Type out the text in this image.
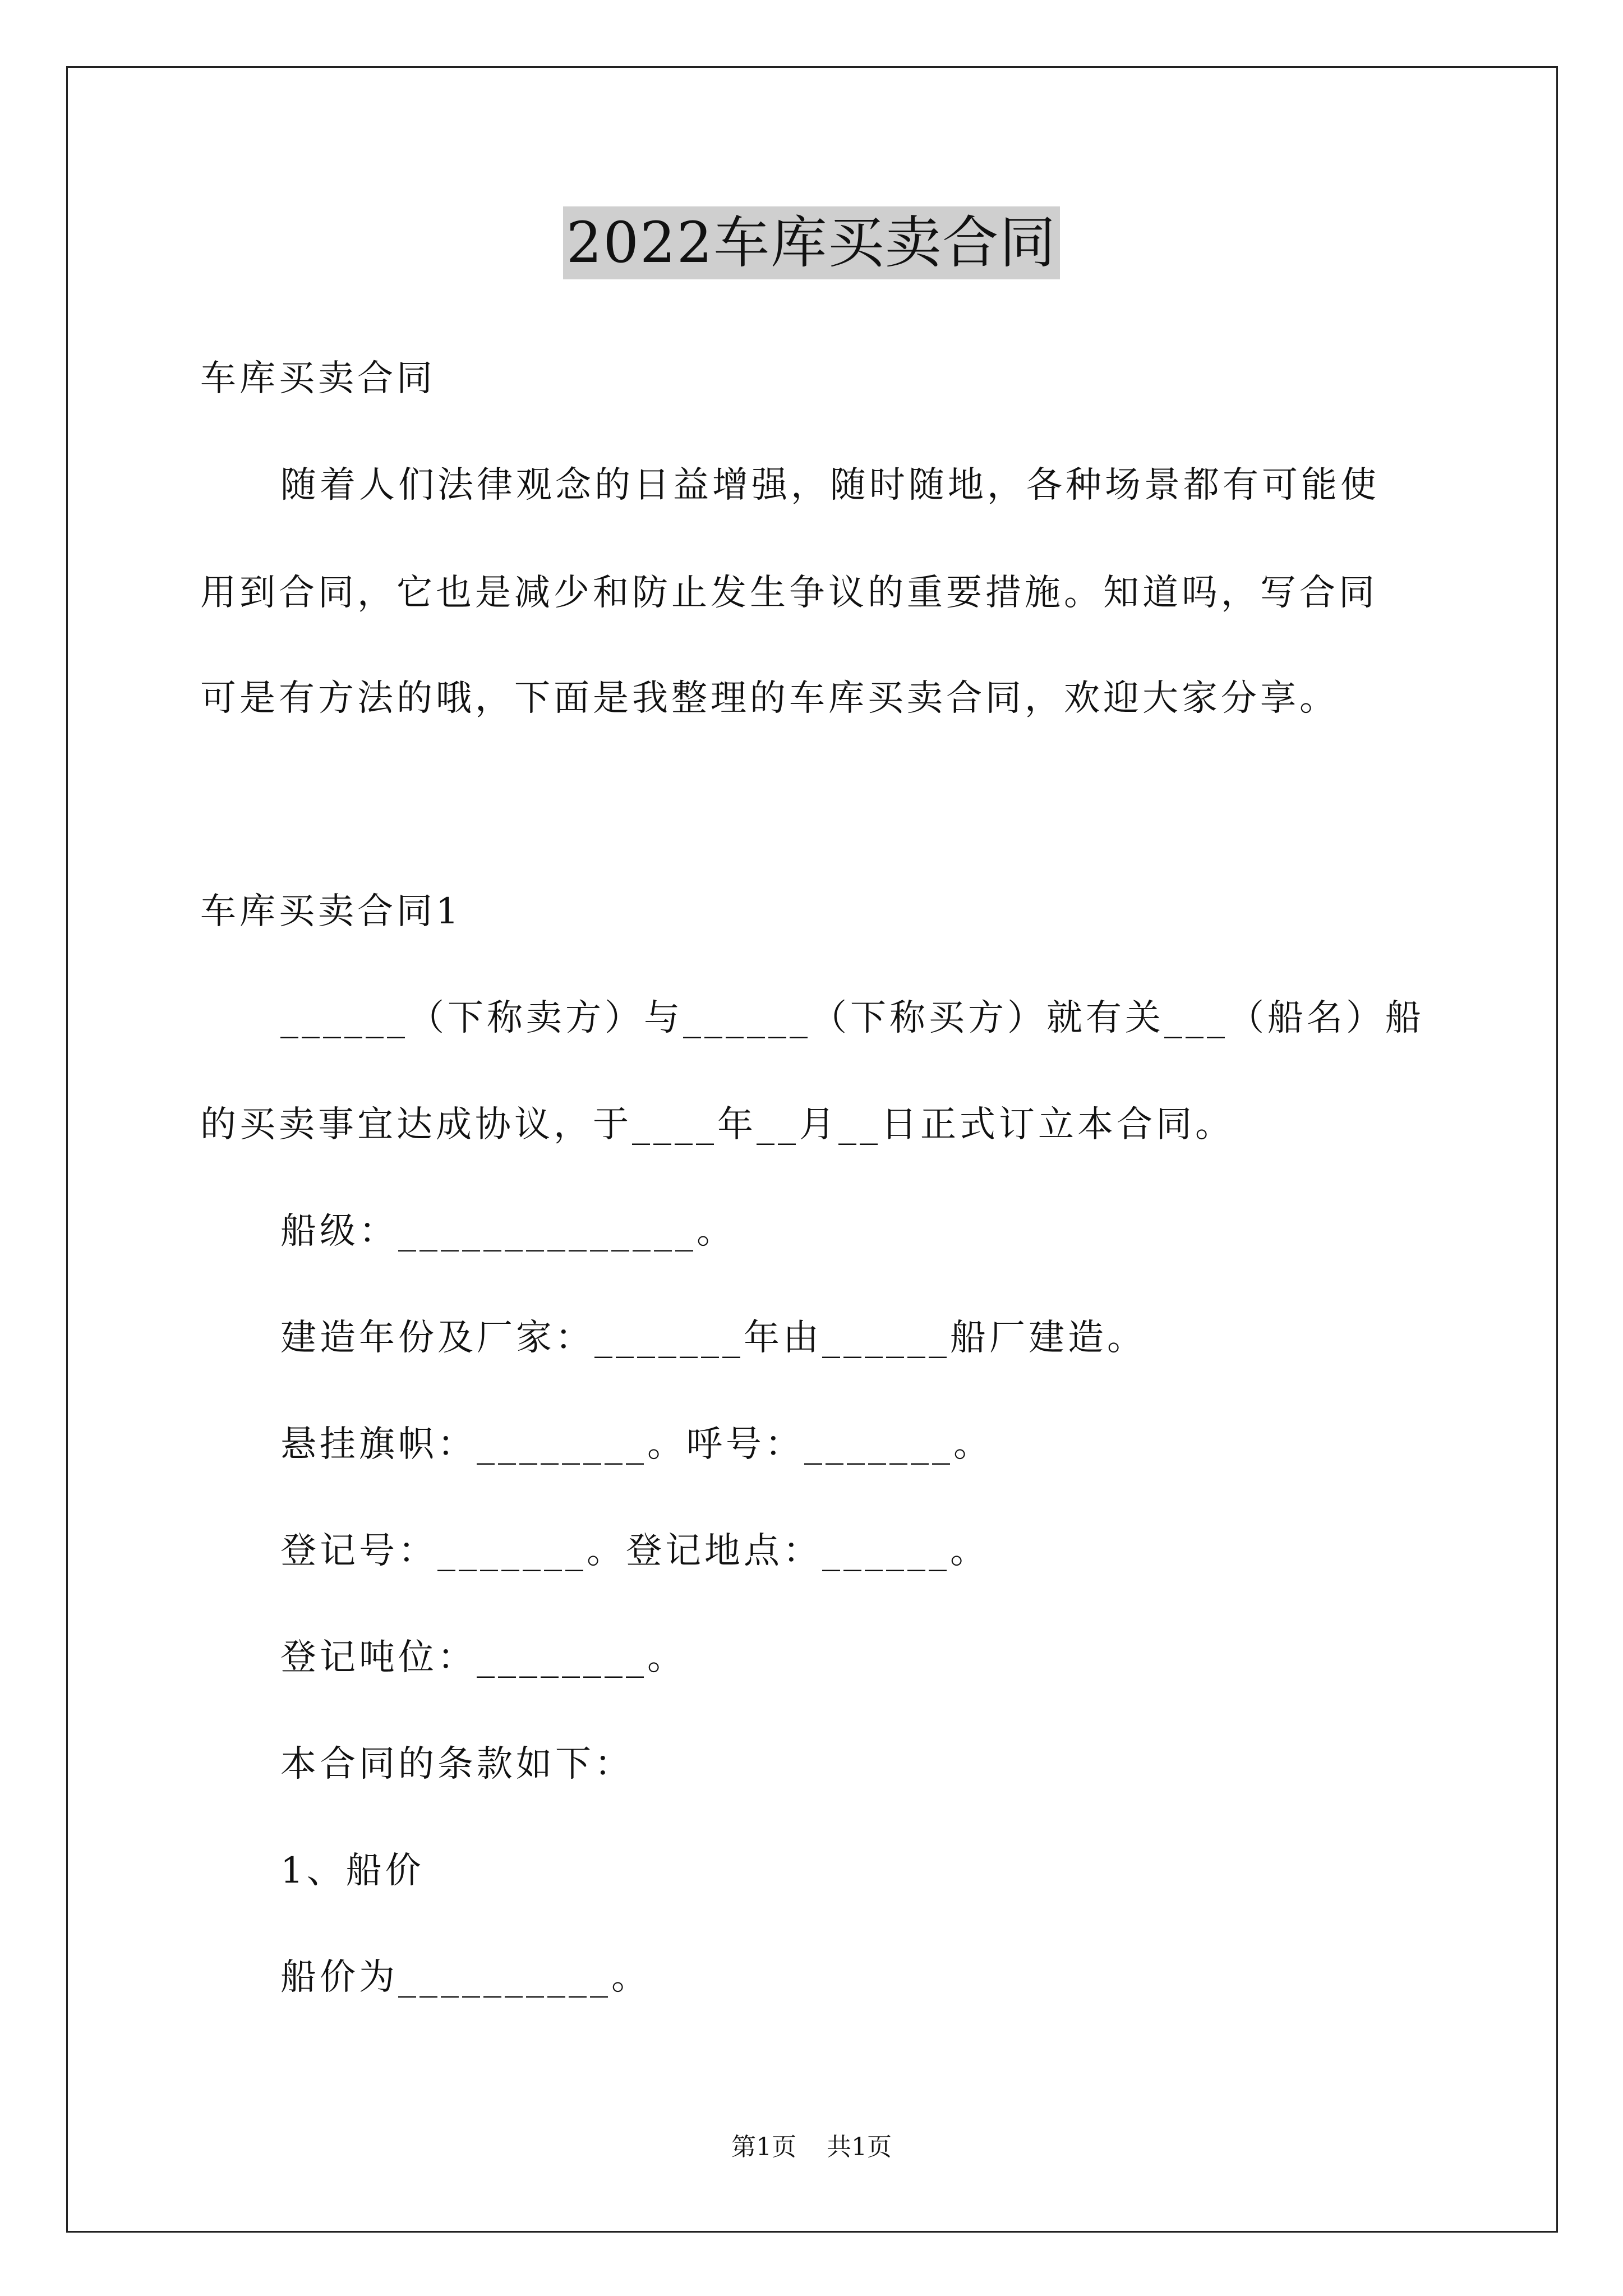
2022车库买卖合同
车库买卖合同
随着人们法律观念的日益增强，随时随地，各种场景都有可能使
用到合同，它也是减少和防止发生争议的重要措施。知道吗，写合同
可是有方法的哦，下面是我整理的车库买卖合同，欢迎大家分享。
车库买卖合同1
______（下称卖方）与______（下称买方）就有关___（船名）船
的买卖事宜达成协议，于____年__月__日正式订立本合同。
船级：______________。
建造年份及厂家：_______年由______船厂建造。
悬挂旗帜：________。呼号：_______。
登记号：_______。登记地点：______。
登记吨位：________。
本合同的条款如下：
1、船价
船价为__________。
第1页 共1页
